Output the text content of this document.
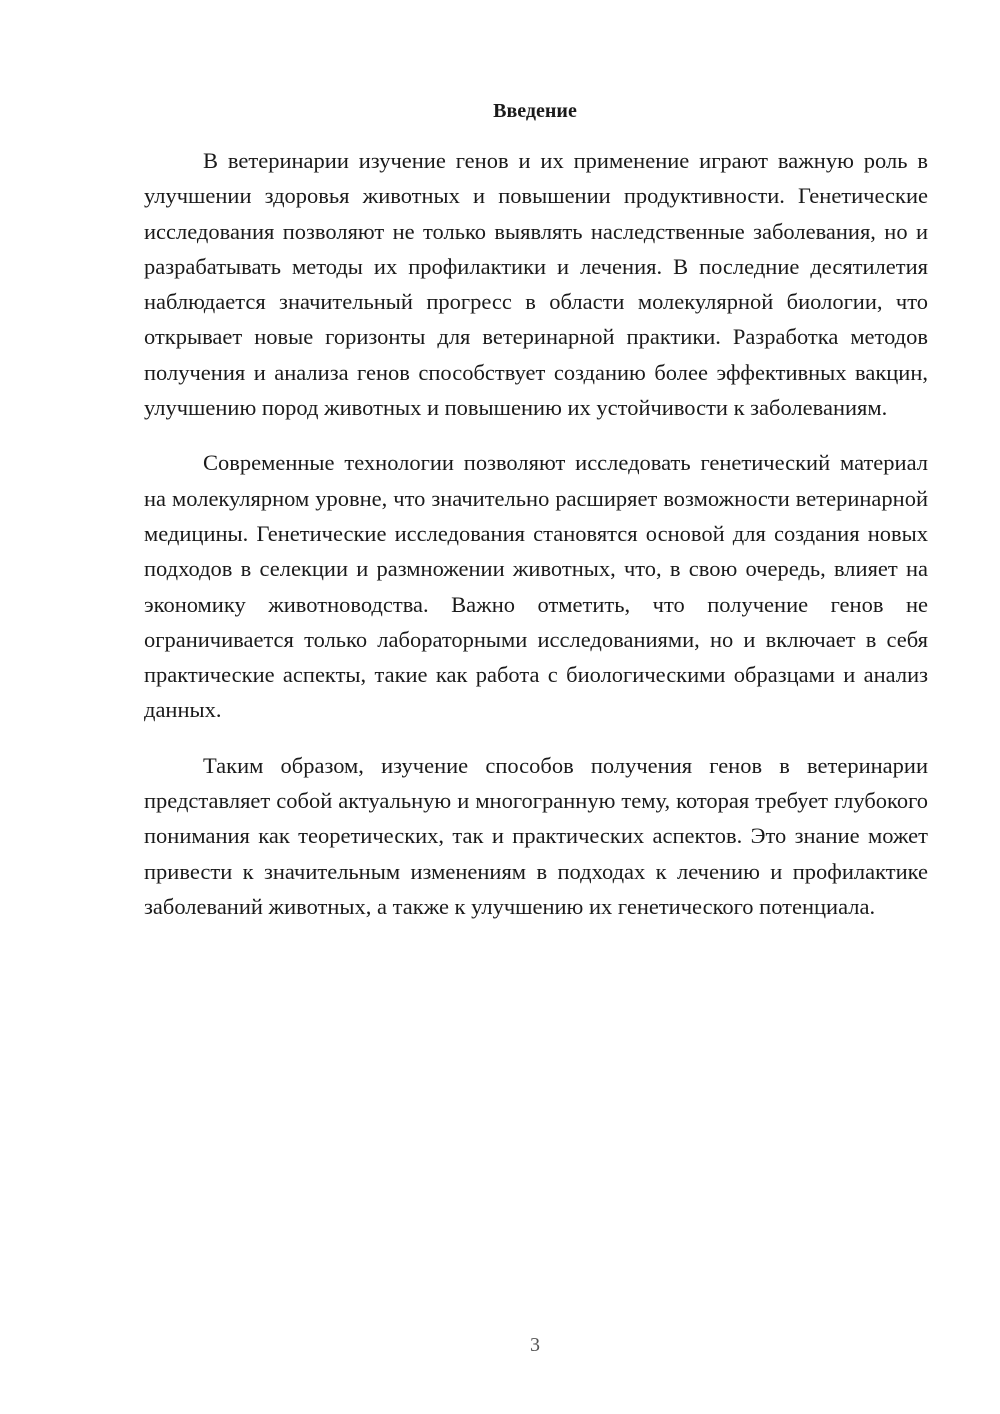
Введение

В ветеринарии изучение генов и их применение играют важную роль в улучшении здоровья животных и повышении продуктивности. Генетические исследования позволяют не только выявлять наследственные заболевания, но и разрабатывать методы их профилактики и лечения. В последние десятилетия наблюдается значительный прогресс в области молекулярной биологии, что открывает новые горизонты для ветеринарной практики. Разработка методов получения и анализа генов способствует созданию более эффективных вакцин, улучшению пород животных и повышению их устойчивости к заболеваниям.

Современные технологии позволяют исследовать генетический материал на молекулярном уровне, что значительно расширяет возможности ветеринарной медицины. Генетические исследования становятся основой для создания новых подходов в селекции и размножении животных, что, в свою очередь, влияет на экономику животноводства. Важно отметить, что получение генов не ограничивается только лабораторными исследованиями, но и включает в себя практические аспекты, такие как работа с биологическими образцами и анализ данных.

Таким образом, изучение способов получения генов в ветеринарии представляет собой актуальную и многогранную тему, которая требует глубокого понимания как теоретических, так и практических аспектов. Это знание может привести к значительным изменениям в подходах к лечению и профилактике заболеваний животных, а также к улучшению их генетического потенциала.

3
